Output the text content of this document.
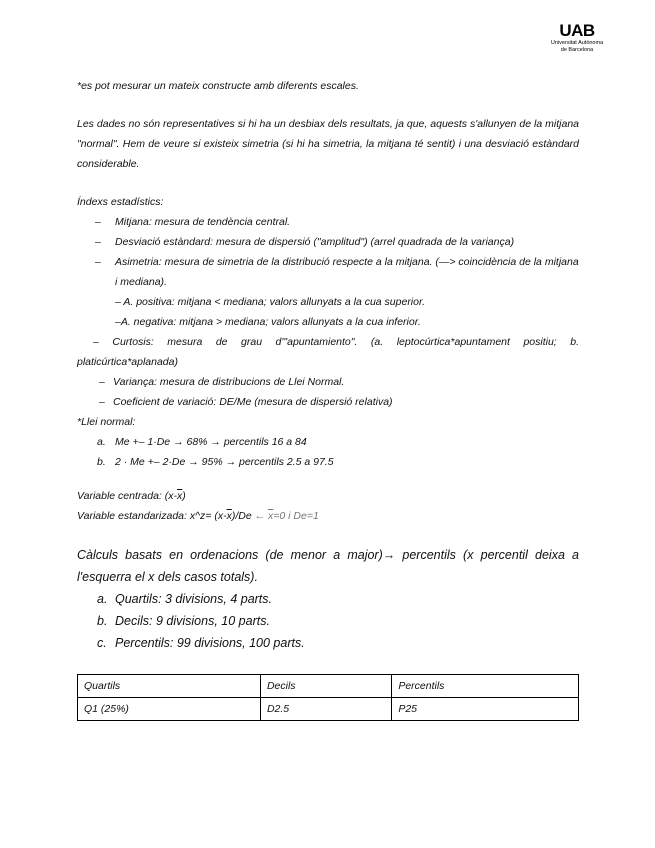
UAB
Universitat Autònoma
de Barcelona

*es pot mesurar un mateix constructe amb diferents escales.

Les dades no són representatives si hi ha un desbiax dels resultats, ja que, aquests s'allunyen de la mitjana "normal". Hem de veure si existeix simetria (si hi ha simetria, la mitjana té sentit) i una desviació estàndard considerable.

Índexs estadístics:

– Mitjana: mesura de tendència central.
– Desviació estàndard: mesura de dispersió ("amplitud") (arrel quadrada de la variança)
– Asimetria: mesura de simetria de la distribució respecte a la mitjana. (—> coincidència de la mitjana i mediana).
– A. positiva: mitjana < mediana; valors allunyats a la cua superior.
–A. negativa: mitjana > mediana; valors allunyats a la cua inferior.

– Curtosis: mesura de grau d'"apuntamiento". (a. leptocúrtica*apuntament positiu; b. platicúrtica*aplanada)

– Variança: mesura de distribucions de Llei Normal.
– Coeficient de variació: DE/Me (mesura de dispersió relativa)

*Llei normal:

a. Me +– 1·De → 68% → percentils 16 a 84
b. 2 · Me +– 2·De → 95% → percentils 2.5 a 97.5

Variable centrada: $(x-\overline{x})$

Variable estandarizada: x^z= $(x-\overline{x})/De$ ← $\overline{x}=0$ i De=1

Càlculs basats en ordenacions (de menor a major)→ percentils (x percentil deixa a l'esquerra el x dels casos totals).

a. Quartils: 3 divisions, 4 parts.
b. Decils: 9 divisions, 10 parts.
c. Percentils: 99 divisions, 100 parts.
Quartils	Decils	Percentils
Q1 (25%)	D2.5	P25
